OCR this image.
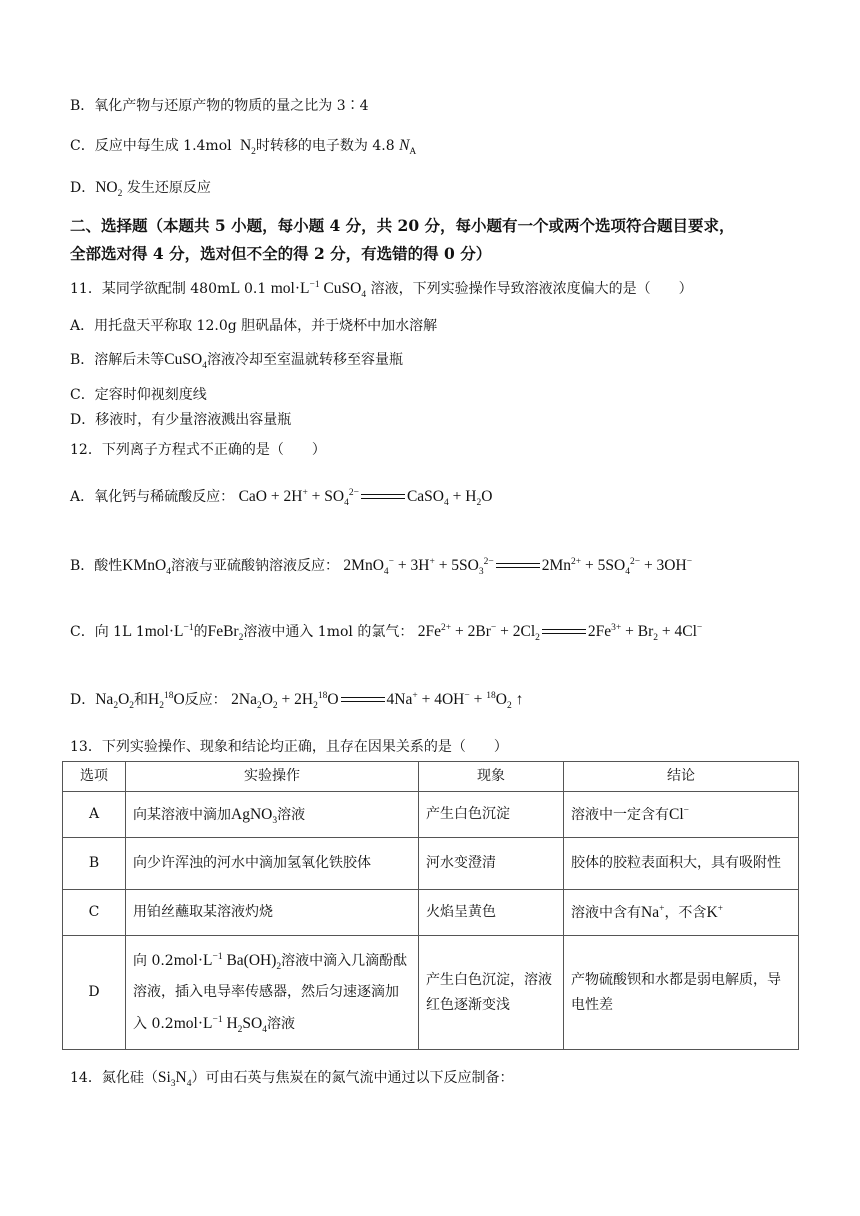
B．氧化产物与还原产物的物质的量之比为 3∶4
C．反应中每生成 1.4mol  $N_2$时转移的电子数为 4.8 $N_A$
D．$NO_2$ 发生还原反应
二、选择题（本题共 5 小题，每小题 4 分，共 20 分，每小题有一个或两个选项符合题目要求，
全部选对得 4 分，选对但不全的得 2 分，有选错的得 0 分）
11．某同学欲配制 480mL 0.1 $mol\cdot L^{-1}$ CuSO$_4$ 溶液，下列实验操作导致溶液浓度偏大的是（　　）
A．用托盘天平称取 12.0g 胆矾晶体，并于烧杯中加水溶解
B．溶解后未等CuSO$_4$溶液冷却至室温就转移至容量瓶
C．定容时仰视刻度线
D．移液时，有少量溶液溅出容量瓶
12．下列离子方程式不正确的是（　　）
A．氧化钙与稀硫酸反应： CaO + $2H^+ + SO_4^{2-}$	CaSO$_4$ + $H_2O$
B．酸性KMnO$_4$溶液与亚硫酸钠溶液反应： $2MnO_4^- + 3H^+ + 5SO_3^{2-}$	$2Mn^{2+} + 5SO_4^{2-} + 3OH^-$
C．向 1L $1mol\cdot L^{-1}$的FeBr$_2$溶液中通入 1mol 的氯气： $2Fe^{2+} + 2Br^- + 2Cl_2$	$2Fe^{3+} + Br_2 + 4Cl^-$
D．$Na_2O_2$和$H_2^{18}O$反应： $2Na_2O_2 + 2H_2^{18}O$	$4Na^+ + 4OH^- + ^{18}O_2$ ↑
13．下列实验操作、现象和结论均正确，且存在因果关系的是（　　）
选项	实验操作	现象	结论
A	向某溶液中滴加AgNO$_3$溶液	产生白色沉淀	溶液中一定含有Cl−
B	向少许浑浊的河水中滴加氢氧化铁胶体	河水变澄清	胶体的胶粒表面积大，具有吸附性
C	用铂丝蘸取某溶液灼烧	火焰呈黄色	溶液中含有Na+，不含K+
D	向 $0.2mol\cdot L^{-1}$ $Ba(OH)_2$溶液中滴入几滴酚酞溶液，插入电导率传感器，然后匀速逐滴加入 $0.2mol\cdot L^{-1}$ $H_2SO_4$溶液	产生白色沉淀，溶液红色逐渐变浅	产物硫酸钡和水都是弱电解质，导电性差
14．氮化硅$(Si_3N_4)$可由石英与焦炭在的氮气流中通过以下反应制备：
